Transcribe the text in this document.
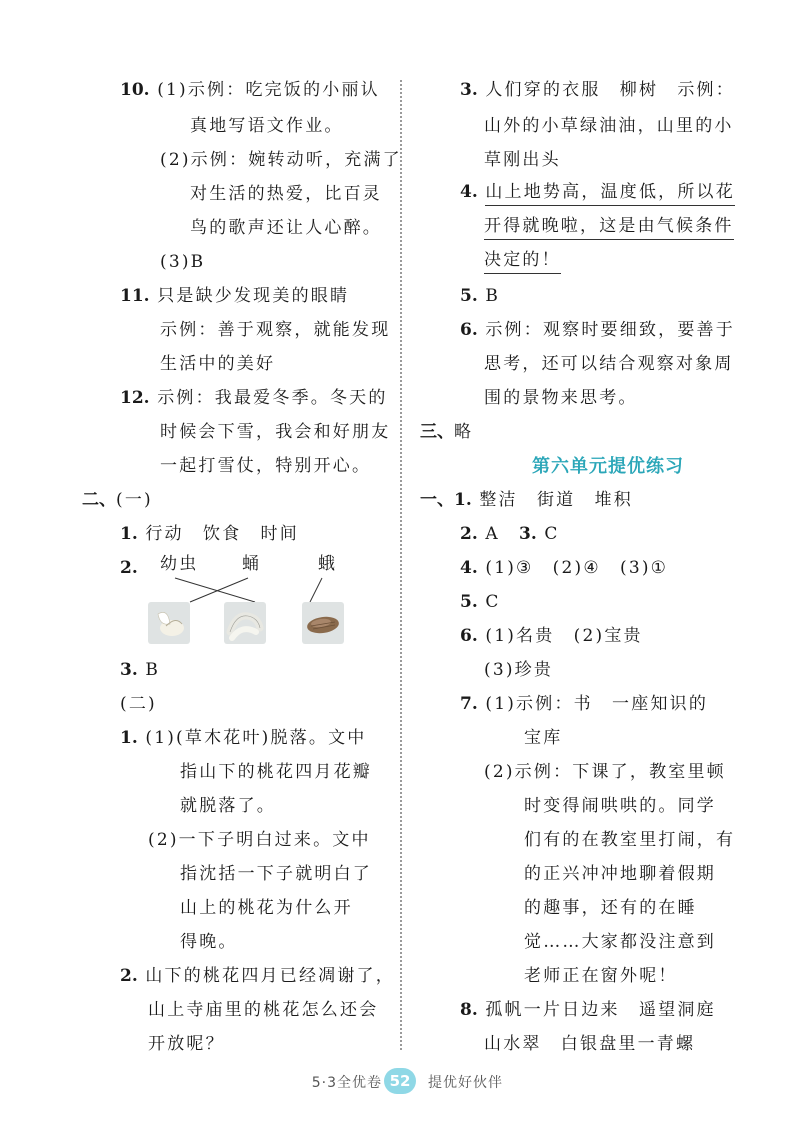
10. (1)示例：吃完饭的小丽认
真地写语文作业。
(2)示例：婉转动听，充满了
对生活的热爱，比百灵
鸟的歌声还让人心醉。
(3)B
11. 只是缺少发现美的眼睛
示例：善于观察，就能发现
生活中的美好
12. 示例：我最爱冬季。冬天的
时候会下雪，我会和好朋友
一起打雪仗，特别开心。
二、(一)
1. 行动　饮食　时间
2. 幼虫	蛹	蛾
3. B
(二)
1. (1)(草木花叶)脱落。文中
指山下的桃花四月花瓣
就脱落了。
(2)一下子明白过来。文中
指沈括一下子就明白了
山上的桃花为什么开
得晚。
2. 山下的桃花四月已经凋谢了，
山上寺庙里的桃花怎么还会
开放呢？
3. 人们穿的衣服　柳树　示例：
山外的小草绿油油，山里的小
草刚出头
4. 山上地势高，温度低，所以花
开得就晚啦，这是由气候条件
决定的！
5. B
6. 示例：观察时要细致，要善于
思考，还可以结合观察对象周
围的景物来思考。
三、略
第六单元提优练习
一、1. 整洁　街道　堆积
2. A　 3. C
4. (1)③　(2)④　(3)①
5. C
6. (1)名贵　(2)宝贵
(3)珍贵
7. (1)示例：书　一座知识的
宝库
(2)示例：下课了，教室里顿
时变得闹哄哄的。同学
们有的在教室里打闹，有
的正兴冲冲地聊着假期
的趣事，还有的在睡
觉……大家都没注意到
老师正在窗外呢！
8. 孤帆一片日边来　遥望洞庭
山水翠　白银盘里一青螺
5·3全优卷 52	提优好伙伴
